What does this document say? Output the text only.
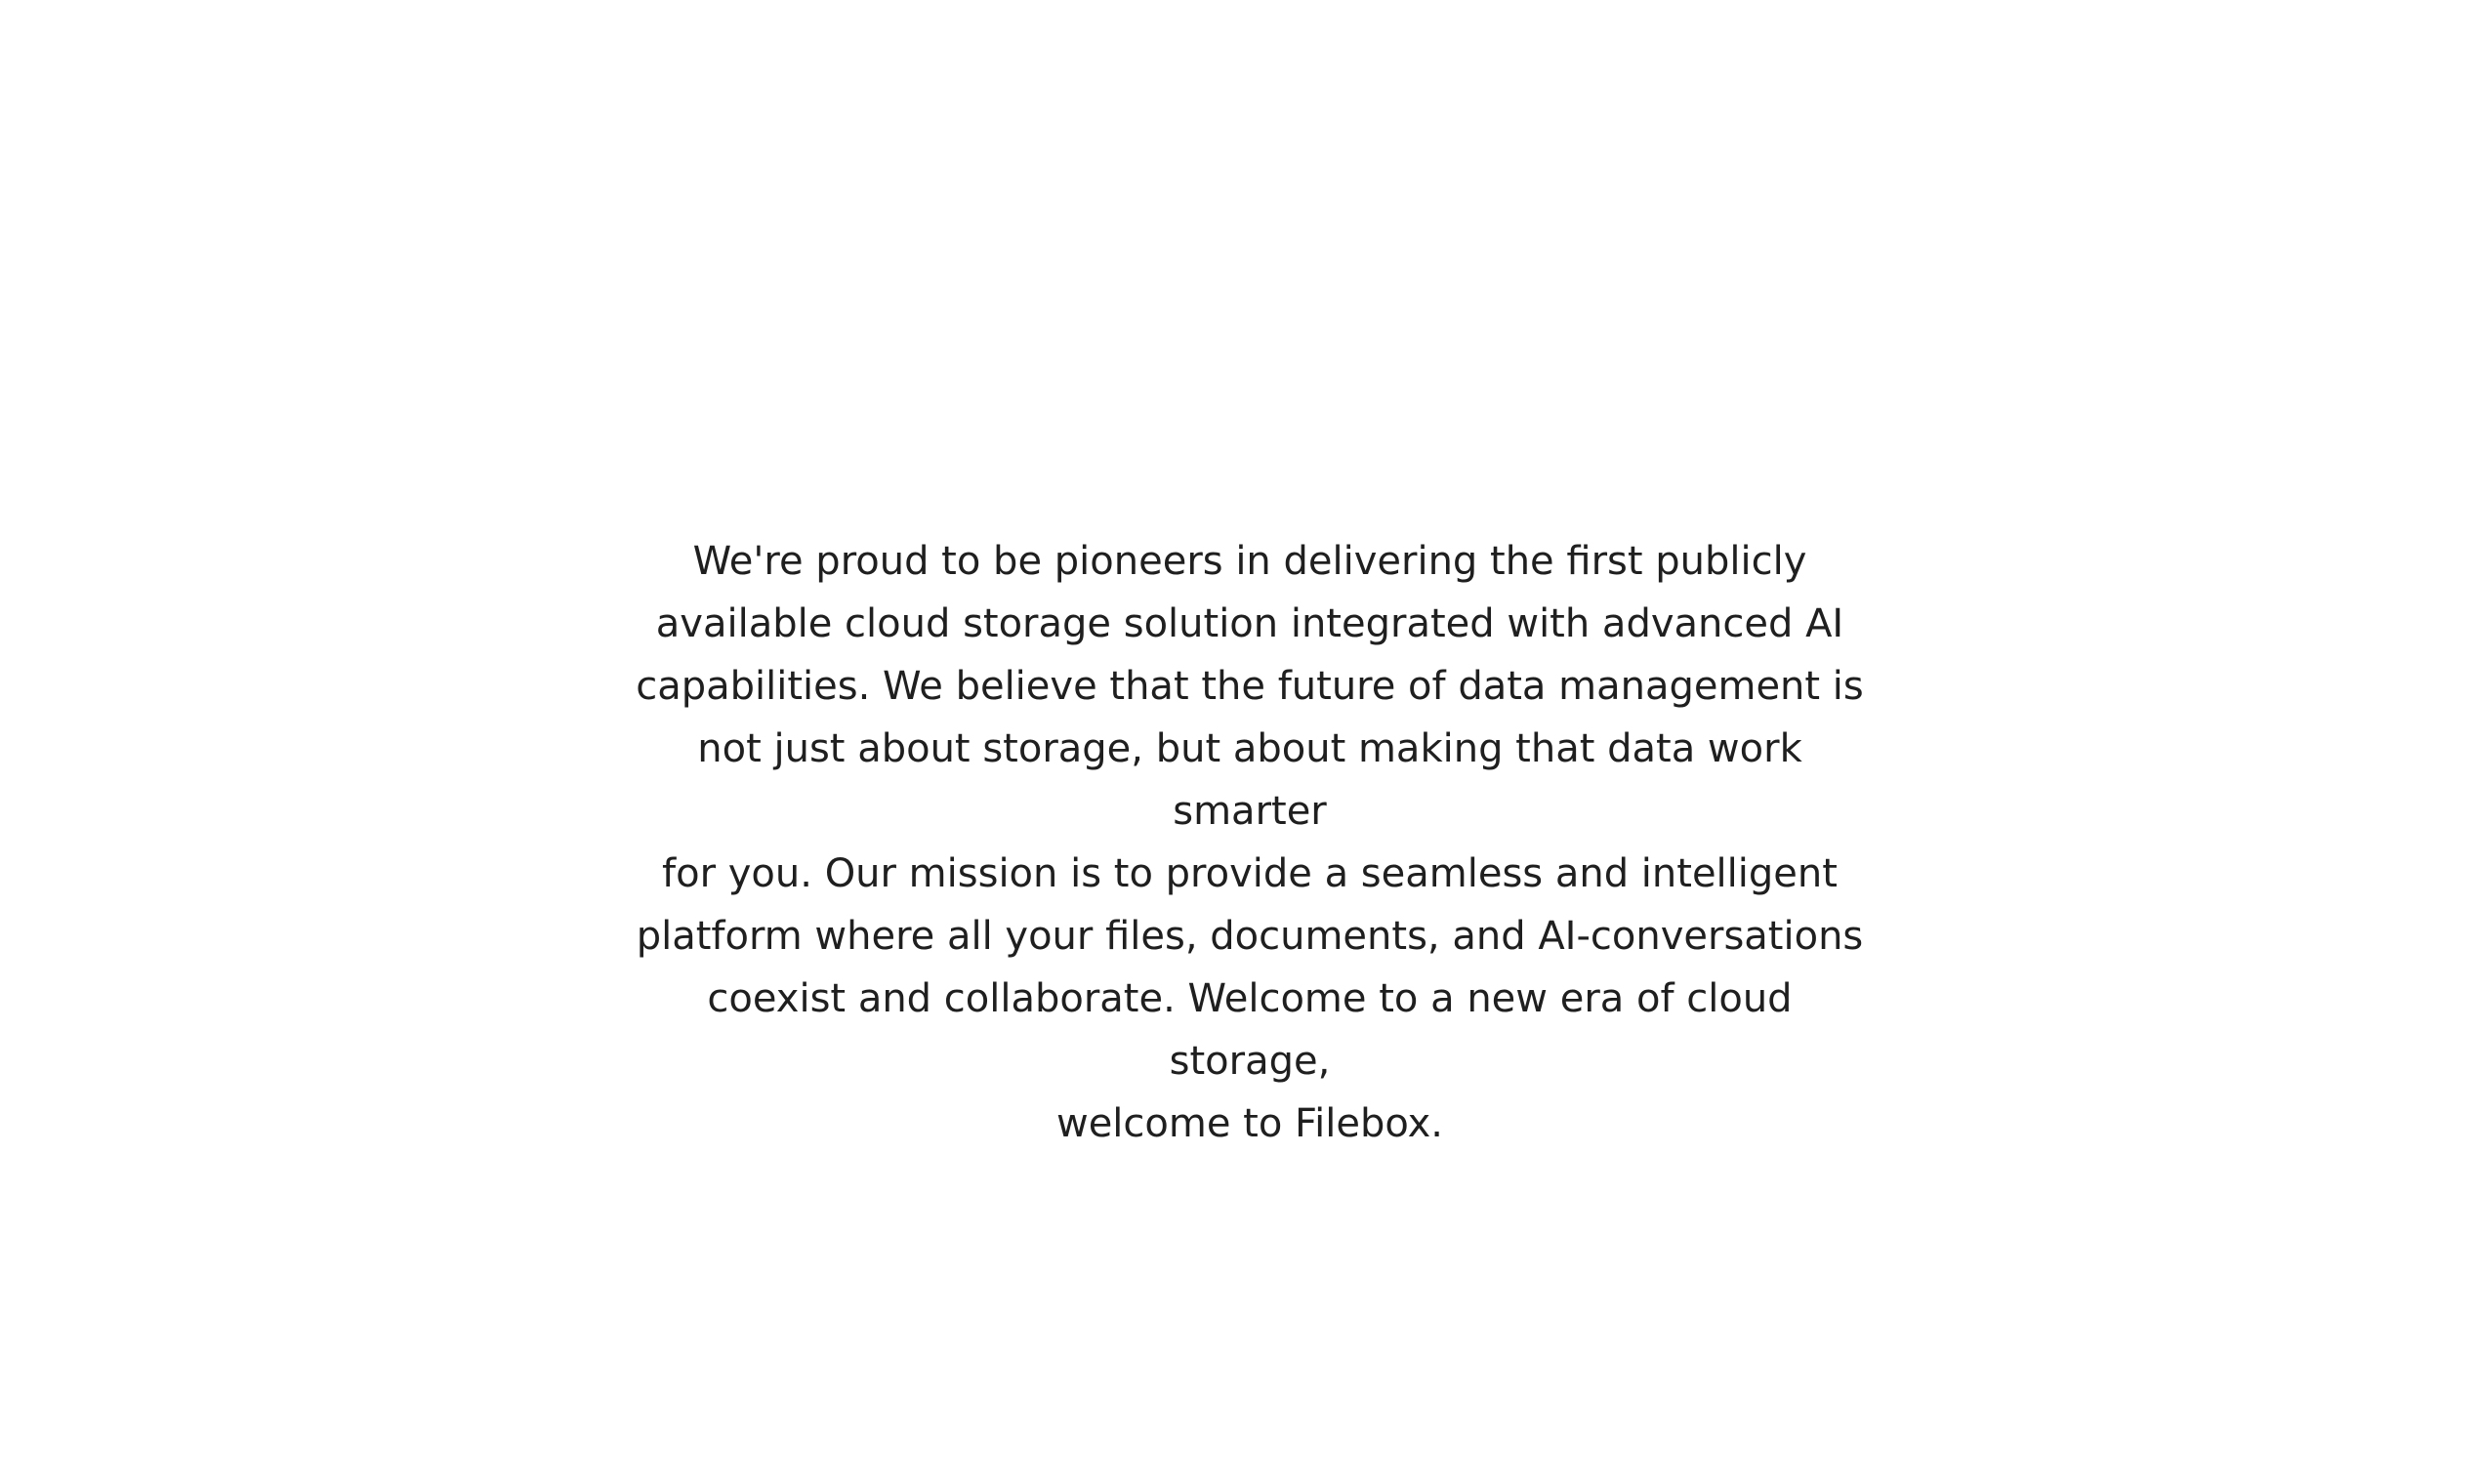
We're proud to be pioneers in delivering the first publicly
available cloud storage solution integrated with advanced AI
capabilities. We believe that the future of data management is
not just about storage, but about making that data work smarter
for you. Our mission is to provide a seamless and intelligent
platform where all your files, documents, and AI-conversations
coexist and collaborate. Welcome to a new era of cloud storage,
welcome to Filebox.
